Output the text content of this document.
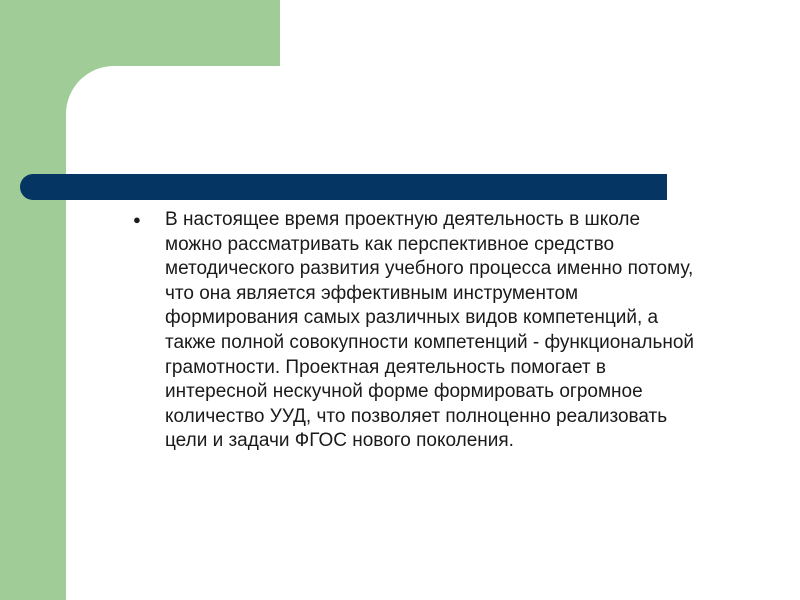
●	В настоящее время проектную деятельность в школе
можно рассматривать как перспективное средство
методического развития учебного процесса именно потому,
что она является эффективным инструментом
формирования самых различных видов компетенций, а
также полной совокупности компетенций - функциональной
грамотности. Проектная деятельность помогает в
интересной нескучной форме формировать огромное
количество УУД, что позволяет полноценно реализовать
цели и задачи ФГОС нового поколения.
